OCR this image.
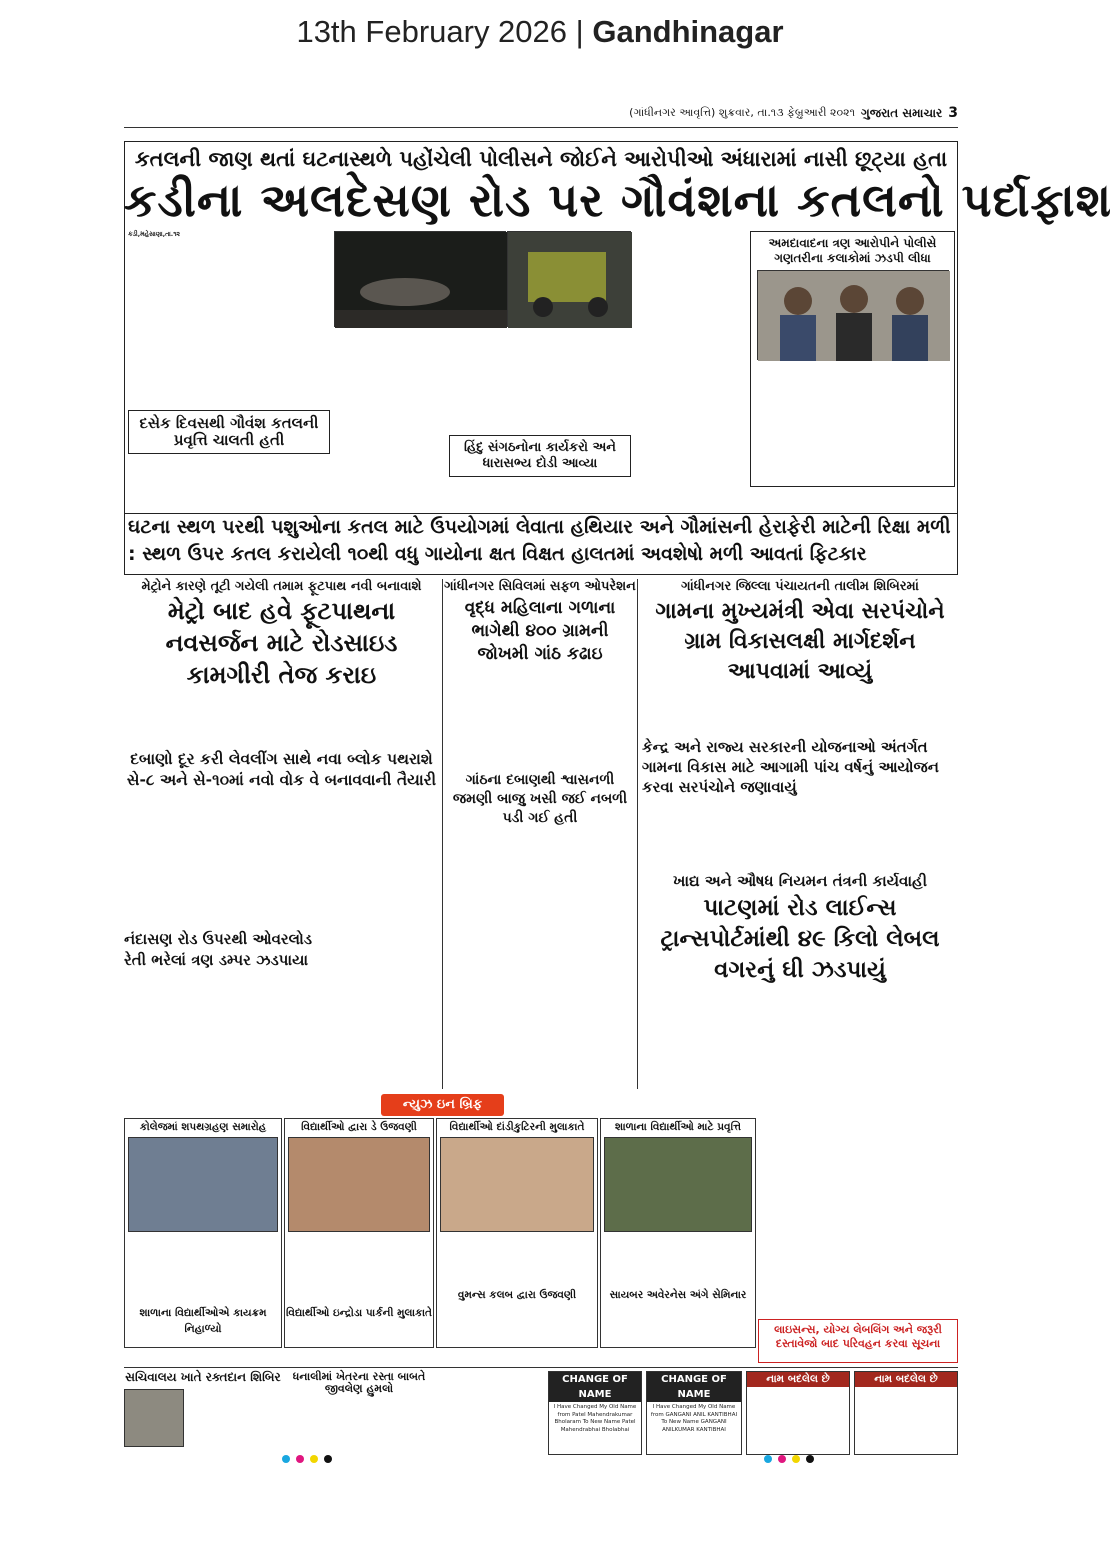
13th February 2026 | Gandhinagar
(ગાંધીનગર આવૃત્તિ) શુક્રવાર, તા.૧૩ ફેબ્રુઆરી ૨૦૨૧ ગુજરાત સમાચાર 3
કતલની જાણ થતાં ઘટનાસ્થળે પહોંચેલી પોલીસને જોઈને આરોપીઓ અંધારામાં નાસી છૂટ્યા હતા
કડીના અલદેસણ રોડ પર ગૌવંશના કતલનો પર્દાફાશ
કડી,મહેસાણા,તા.૧૨
અમદાવાદના ત્રણ આરોપીને પોલીસે ગણતરીના કલાકોમાં ઝડપી લીધા
દસેક દિવસથી ગૌવંશ કતલની પ્રવૃત્તિ ચાલતી હતી	હિંદુ સંગઠનોના કાર્યકરો અને ધારાસભ્ય દોડી આવ્યા
ઘટના સ્થળ પરથી પશુઓના કતલ માટે ઉપયોગમાં લેવાતા હથિયાર અને ગૌમાંસની હેરાફેરી માટેની રિક્ષા મળી : સ્થળ ઉપર કતલ કરાયેલી ૧૦થી વધુ ગાયોના ક્ષત વિક્ષત હાલતમાં અવશેષો મળી આવતાં ફિટકાર
મેટ્રોને કારણે તૂટી ગયેલી તમામ ફૂટપાથ નવી બનાવાશે
મેટ્રો બાદ હવે ફૂટપાથના નવસર્જન માટે રોડસાઇડ કામગીરી તેજ કરાઇ
દબાણો દૂર કરી લેવલીંગ સાથે નવા બ્લોક પથરાશે સે-૮ અને સે-૧૦માં નવો વોક વે બનાવવાની તૈયારી
નંદાસણ રોડ ઉપરથી ઓવરલોડ રેતી ભરેલાં ત્રણ ડમ્પર ઝડપાયા
ગાંધીનગર સિવિલમાં સફળ ઓપરેશન
વૃદ્ધ મહિલાના ગળાના ભાગેથી ૪૦૦ ગ્રામની જોખમી ગાંઠ કઢાઇ
ગાંઠના દબાણથી શ્વાસનળી જમણી બાજુ ખસી જઈ નબળી પડી ગઈ હતી
ગાંધીનગર જિલ્લા પંચાયતની તાલીમ શિબિરમાં
ગામના મુખ્યમંત્રી એવા સરપંચોને ગ્રામ વિકાસલક્ષી માર્ગદર્શન આપવામાં આવ્યું
કેન્દ્ર અને રાજ્ય સરકારની યોજનાઓ અંતર્ગત ગામના વિકાસ માટે આગામી પાંચ વર્ષનું આયોજન કરવા સરપંચોને જણાવાયું
ખાદ્ય અને ઔષધ નિયમન તંત્રની કાર્યવાહી
પાટણમાં રોડ લાઈન્સ ટ્રાન્સપોર્ટમાંથી ૪૯ કિલો લેબલ વગરનું ઘી ઝડપાયું
ન્યુઝ ઇન બ્રિફ
કોલેજમાં શપથગ્રહણ સમારોહ
શાળાના વિદ્યાર્થીઓએ કાયક્રમ નિહાળ્યો
વિદ્યાર્થીઓ દ્વારા ડે ઉજવણી
વિદ્યાર્થીઓ ઇન્દ્રોડા પાર્કની મુલાકાતે
વિદ્યાર્થીઓ દાંડીકુટિરની મુલાકાતે
વુમન્સ કલબ દ્વારા ઉજવણી
શાળાના વિદ્યાર્થીઓ માટે પ્રવૃત્તિ
સાયબર અવેરનેસ અંગે સેમિનાર
લાઇસન્સ, યોગ્ય લેબલિંગ અને જરૂરી દસ્તાવેજો બાદ પરિવહન કરવા સૂચના
સચિવાલય ખાતે રક્તદાન શિબિર	ધનાલીમાં ખેતરના રસ્તા બાબતે જીવલેણ હુમલો
CHANGE OF NAME
I Have Changed My Old Name from Patel Mahendrakumar Bholaram To New Name Patel Mahendrabhai Bholabhai
CHANGE OF NAME
I Have Changed My Old Name from GANGANI ANIL KANTIBHAI To New Name GANGANI ANILKUMAR KANTIBHAI
નામ બદલેલ છે	નામ બદલેલ છે
